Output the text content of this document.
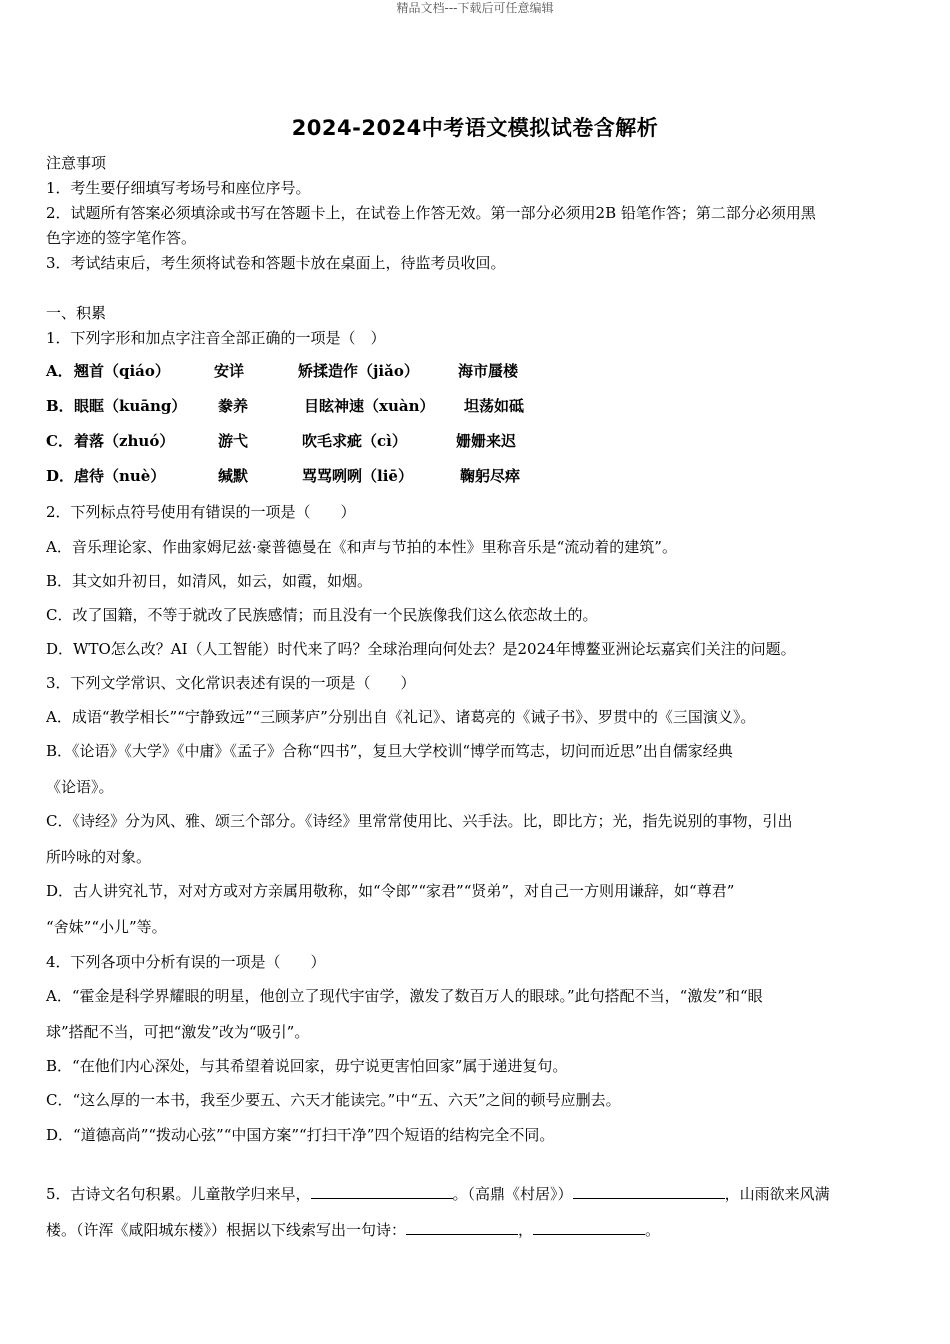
精品文档---下载后可任意编辑
2024-2024中考语文模拟试卷含解析
注意事项
1．考生要仔细填写考场号和座位序号。
2．试题所有答案必须填涂或书写在答题卡上，在试卷上作答无效。第一部分必须用2B 铅笔作答；第二部分必须用黑
色字迹的签字笔作答。
3．考试结束后，考生须将试卷和答题卡放在桌面上，待监考员收回。
一、积累
1．下列字形和加点字注音全部正确的一项是（　）
A． 翘首（qiáo）	安详	矫揉造作（jiǎo）	海市蜃楼
B． 眼眶（kuāng） 豢养	目眩神速（xuàn） 坦荡如砥
C． 着落（zhuó）	游弋	吹毛求疵（cì）	姗姗来迟
D． 虐待（nuè）	缄默	骂骂咧咧（liē）	鞠躬尽瘁
2．下列标点符号使用有错误的一项是（　　）
A．音乐理论家、作曲家姆尼兹·豪普德曼在《和声与节拍的本性》里称音乐是“流动着的建筑”。
B．其文如升初日，如清风，如云，如霞，如烟。
C．改了国籍，不等于就改了民族感情；而且没有一个民族像我们这么依恋故土的。
D．WTO怎么改？AI（人工智能）时代来了吗？全球治理向何处去？是2024年博鳌亚洲论坛嘉宾们关注的问题。
3．下列文学常识、文化常识表述有误的一项是（　　）
A．成语“教学相长”“宁静致远”“三顾茅庐”分别出自《礼记》、诸葛亮的《诫子书》、罗贯中的《三国演义》。
B．《论语》《大学》《中庸》《孟子》合称“四书”，复旦大学校训“博学而笃志，切问而近思”出自儒家经典
《论语》。
C．《诗经》分为风、雅、颂三个部分。《诗经》里常常使用比、兴手法。比，即比方；光，指先说别的事物，引出
所吟咏的对象。
D．古人讲究礼节，对对方或对方亲属用敬称，如“令郎”“家君”“贤弟”，对自己一方则用谦辞，如“尊君”
“舍妹”“小儿”等。
4．下列各项中分析有误的一项是（　　）
A．“霍金是科学界耀眼的明星，他创立了现代宇宙学，激发了数百万人的眼球。”此句搭配不当，“激发”和“眼
球”搭配不当，可把“激发”改为“吸引”。
B．“在他们内心深处，与其希望着说回家，毋宁说更害怕回家”属于递进复句。
C．“这么厚的一本书，我至少要五、六天才能读完。”中“五、六天”之间的顿号应删去。
D．“道德高尚”“拨动心弦”“中国方案”“打扫干净”四个短语的结构完全不同。
5．古诗文名句积累。儿童散学归来早，	。（高鼎《村居》）	，山雨欲来风满
楼。（许浑《咸阳城东楼》）根据以下线索写出一句诗：	，	。
